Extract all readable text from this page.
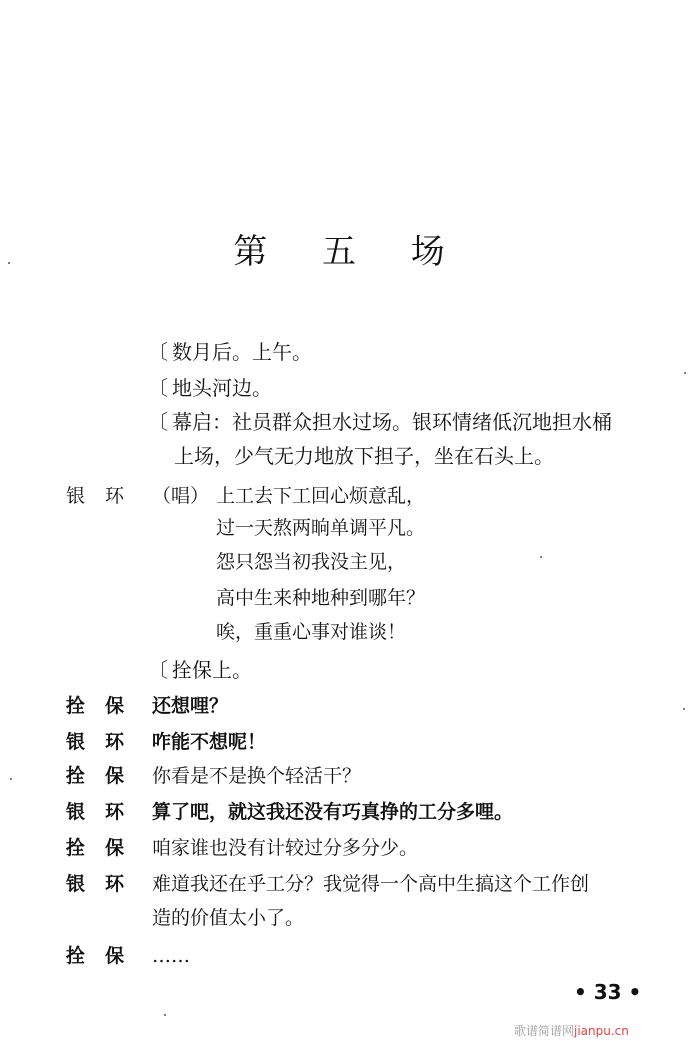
第 五 场
〔 数月后。上午。
〔 地头河边。
〔 幕启：社员群众担水过场。银环情绪低沉地担水桶
上场，少气无力地放下担子，坐在石头上。
银环 （唱） 上工去下工回心烦意乱，
过一天熬两晌单调平凡。
怨只怨当初我没主见，
高中生来种地种到哪年？
唉，重重心事对谁谈！
〔 拴保上。
拴保 还想哩？
银环 咋能不想呢！
拴保 你看是不是换个轻活干？
银环 算了吧，就这我还没有巧真挣的工分多哩。
拴保 咱家谁也没有计较过分多分少。
银环 难道我还在乎工分？我觉得一个高中生搞这个工作创
造的价值太小了。
拴保 ……
• 33 •
歌谱简谱网jianpu.cn
